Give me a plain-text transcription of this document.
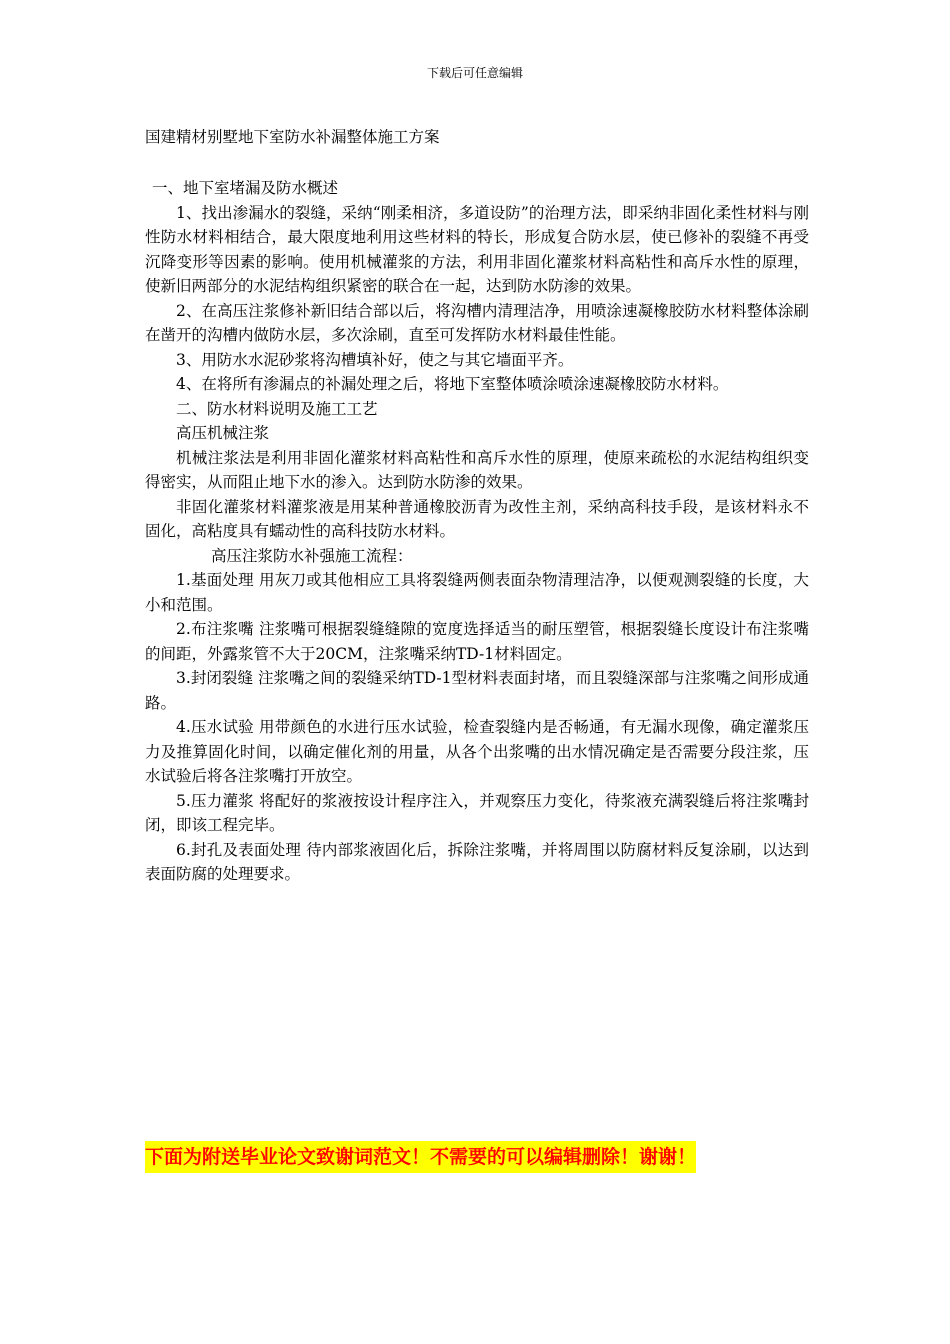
下载后可任意编辑

国建精材别墅地下室防水补漏整体施工方案

一、地下室堵漏及防水概述

1、找出渗漏水的裂缝，采纳“刚柔相济，多道设防”的治理方法，即采纳非固化柔性材料与刚性防水材料相结合，最大限度地利用这些材料的特长，形成复合防水层，使已修补的裂缝不再受沉降变形等因素的影响。使用机械灌浆的方法，利用非固化灌浆材料高粘性和高斥水性的原理，使新旧两部分的水泥结构组织紧密的联合在一起，达到防水防渗的效果。

2、在高压注浆修补新旧结合部以后，将沟槽内清理洁净，用喷涂速凝橡胶防水材料整体涂刷在凿开的沟槽内做防水层，多次涂刷，直至可发挥防水材料最佳性能。

3、用防水水泥砂浆将沟槽填补好，使之与其它墙面平齐。

4、在将所有渗漏点的补漏处理之后，将地下室整体喷涂喷涂速凝橡胶防水材料。

二、防水材料说明及施工工艺

高压机械注浆

机械注浆法是利用非固化灌浆材料高粘性和高斥水性的原理，使原来疏松的水泥结构组织变得密实，从而阻止地下水的渗入。达到防水防渗的效果。

非固化灌浆材料灌浆液是用某种普通橡胶沥青为改性主剂，采纳高科技手段，是该材料永不固化，高粘度具有蠕动性的高科技防水材料。

高压注浆防水补强施工流程：

1.基面处理 用灰刀或其他相应工具将裂缝两侧表面杂物清理洁净，以便观测裂缝的长度，大小和范围。

2.布注浆嘴 注浆嘴可根据裂缝缝隙的宽度选择适当的耐压塑管，根据裂缝长度设计布注浆嘴的间距，外露浆管不大于20CM，注浆嘴采纳TD-1材料固定。

3.封闭裂缝 注浆嘴之间的裂缝采纳TD-1型材料表面封堵，而且裂缝深部与注浆嘴之间形成通路。

4.压水试验 用带颜色的水进行压水试验，检查裂缝内是否畅通，有无漏水现像，确定灌浆压力及推算固化时间，以确定催化剂的用量，从各个出浆嘴的出水情况确定是否需要分段注浆，压水试验后将各注浆嘴打开放空。

5.压力灌浆 将配好的浆液按设计程序注入，并观察压力变化，待浆液充满裂缝后将注浆嘴封闭，即该工程完毕。

6.封孔及表面处理 待内部浆液固化后，拆除注浆嘴，并将周围以防腐材料反复涂刷，以达到表面防腐的处理要求。

下面为附送毕业论文致谢词范文！不需要的可以编辑删除！谢谢！
